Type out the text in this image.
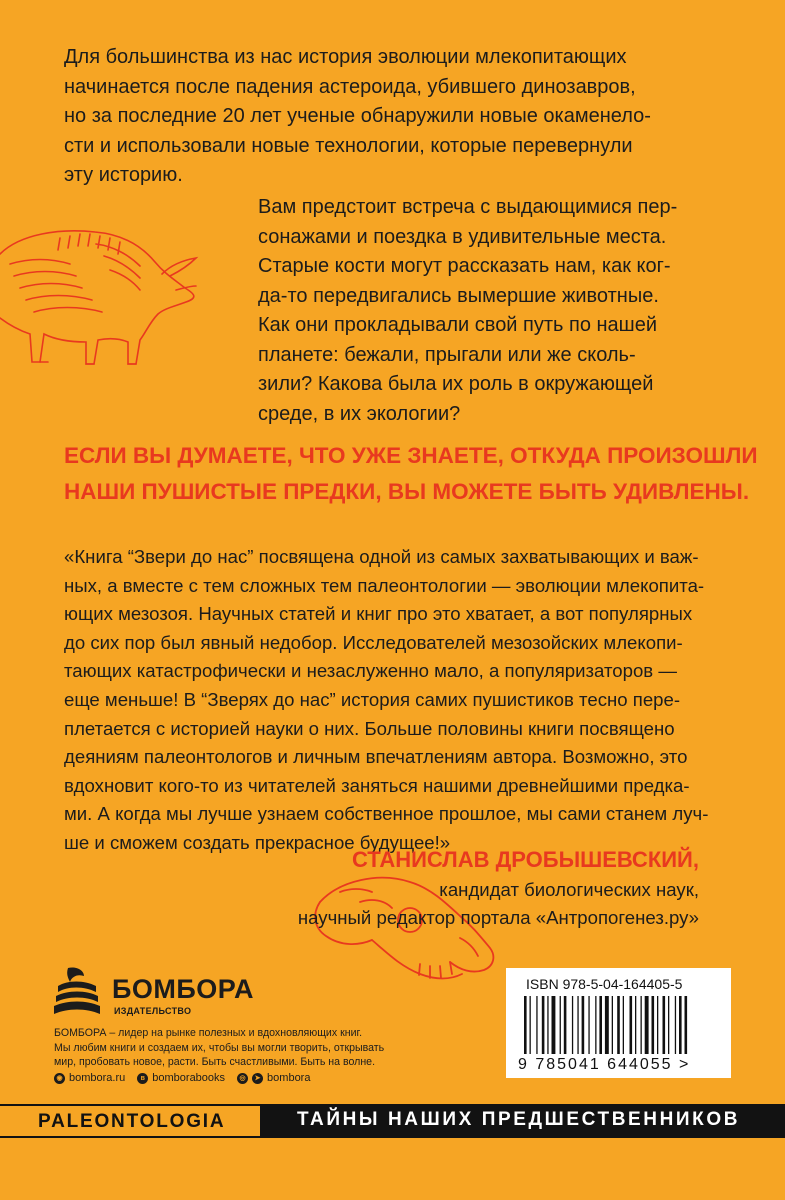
Для большинства из нас история эволюции млекопитающих
начинается после падения астероида, убившего динозавров,
но за последние 20 лет ученые обнаружили новые окаменело-
сти и использовали новые технологии, которые перевернули
эту историю.
Вам предстоит встреча с выдающимися пер-
сонажами и поездка в удивительные места.
Старые кости могут рассказать нам, как ког-
да-то передвигались вымершие животные.
Как они прокладывали свой путь по нашей
планете: бежали, прыгали или же сколь-
зили? Какова была их роль в окружающей
среде, в их экологии?
ЕСЛИ ВЫ ДУМАЕТЕ, ЧТО УЖЕ ЗНАЕТЕ, ОТКУДА ПРОИЗОШЛИ
НАШИ ПУШИСТЫЕ ПРЕДКИ, ВЫ МОЖЕТЕ БЫТЬ УДИВЛЕНЫ.
«Книга “Звери до нас” посвящена одной из самых захватывающих и важ-
ных, а вместе с тем сложных тем палеонтологии — эволюции млекопита-
ющих мезозоя. Научных статей и книг про это хватает, а вот популярных
до сих пор был явный недобор. Исследователей мезозойских млекопи-
тающих катастрофически и незаслуженно мало, а популяризаторов —
еще меньше! В “Зверях до нас” история самих пушистиков тесно пере-
плетается с историей науки о них. Больше половины книги посвящено
деяниям палеонтологов и личным впечатлениям автора. Возможно, это
вдохновит кого-то из читателей заняться нашими древнейшими предка-
ми. А когда мы лучше узнаем собственное прошлое, мы сами станем луч-
ше и сможем создать прекрасное будущее!»

СТАНИСЛАВ ДРОБЫШЕВСКИЙ,

кандидат биологических наук,

научный редактор портала «Антропогенез.ру»

БОМБОРА
ИЗДАТЕЛЬСТВО
БОМБОРА – лидер на рынке полезных и вдохновляющих книг.
Мы любим книги и создаем их, чтобы вы могли творить, открывать
мир, пробовать новое, расти. Быть счастливыми. Быть на волне.
◉ bombora.ru	в bomborabooks	◎	➤ bombora
ISBN 978-5-04-164405-5
9 785041 644055 >
PALEONTOLOGIA	ТАЙНЫ НАШИХ ПРЕДШЕСТВЕННИКОВ
